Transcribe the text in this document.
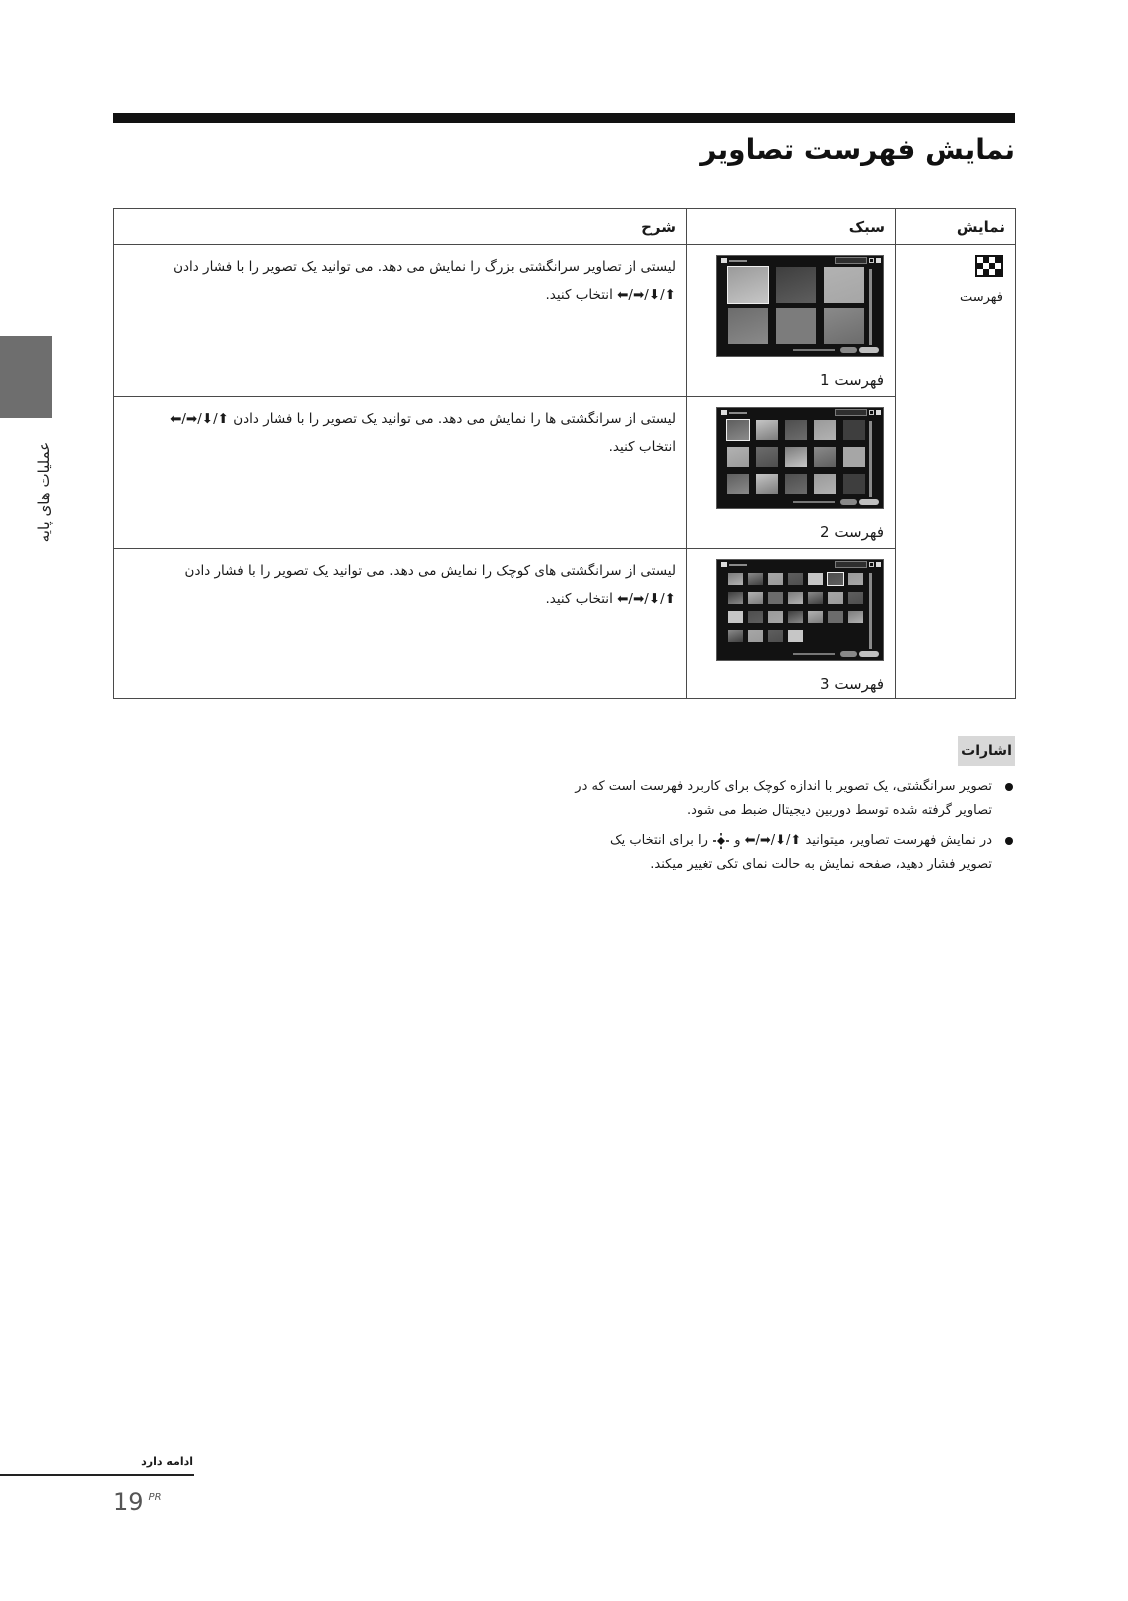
نمایش فهرست تصاویر
عملیات های پایه
نمایش	سبک	شرح

فهرست	فهرست 1	لیستی از تصاویر سرانگشتی بزرگ را نمایش می دهد. می توانید یک تصویر را با فشار دادن
⬆/⬇/➡/⬅ انتخاب کنید.

	فهرست 2	لیستی از سرانگشتی ها را نمایش می دهد. می توانید یک تصویر را با فشار دادن ⬆/⬇/➡/⬅
انتخاب کنید.

	فهرست 3	لیستی از سرانگشتی های کوچک را نمایش می دهد. می توانید یک تصویر را با فشار دادن
⬆/⬇/➡/⬅ انتخاب کنید.
اشارات
تصویر سرانگشتی، یک تصویر با اندازه کوچک برای کاربرد فهرست است که در
تصاویر گرفته شده توسط دوربین دیجیتال ضبط می شود.
در نمایش فهرست تصاویر، میتوانید ⬆/⬇/➡/⬅ و  را برای انتخاب یک
تصویر فشار دهید، صفحه نمایش به حالت نمای تکی تغییر میکند.
ادامه دارد
19 $^{PR}$
